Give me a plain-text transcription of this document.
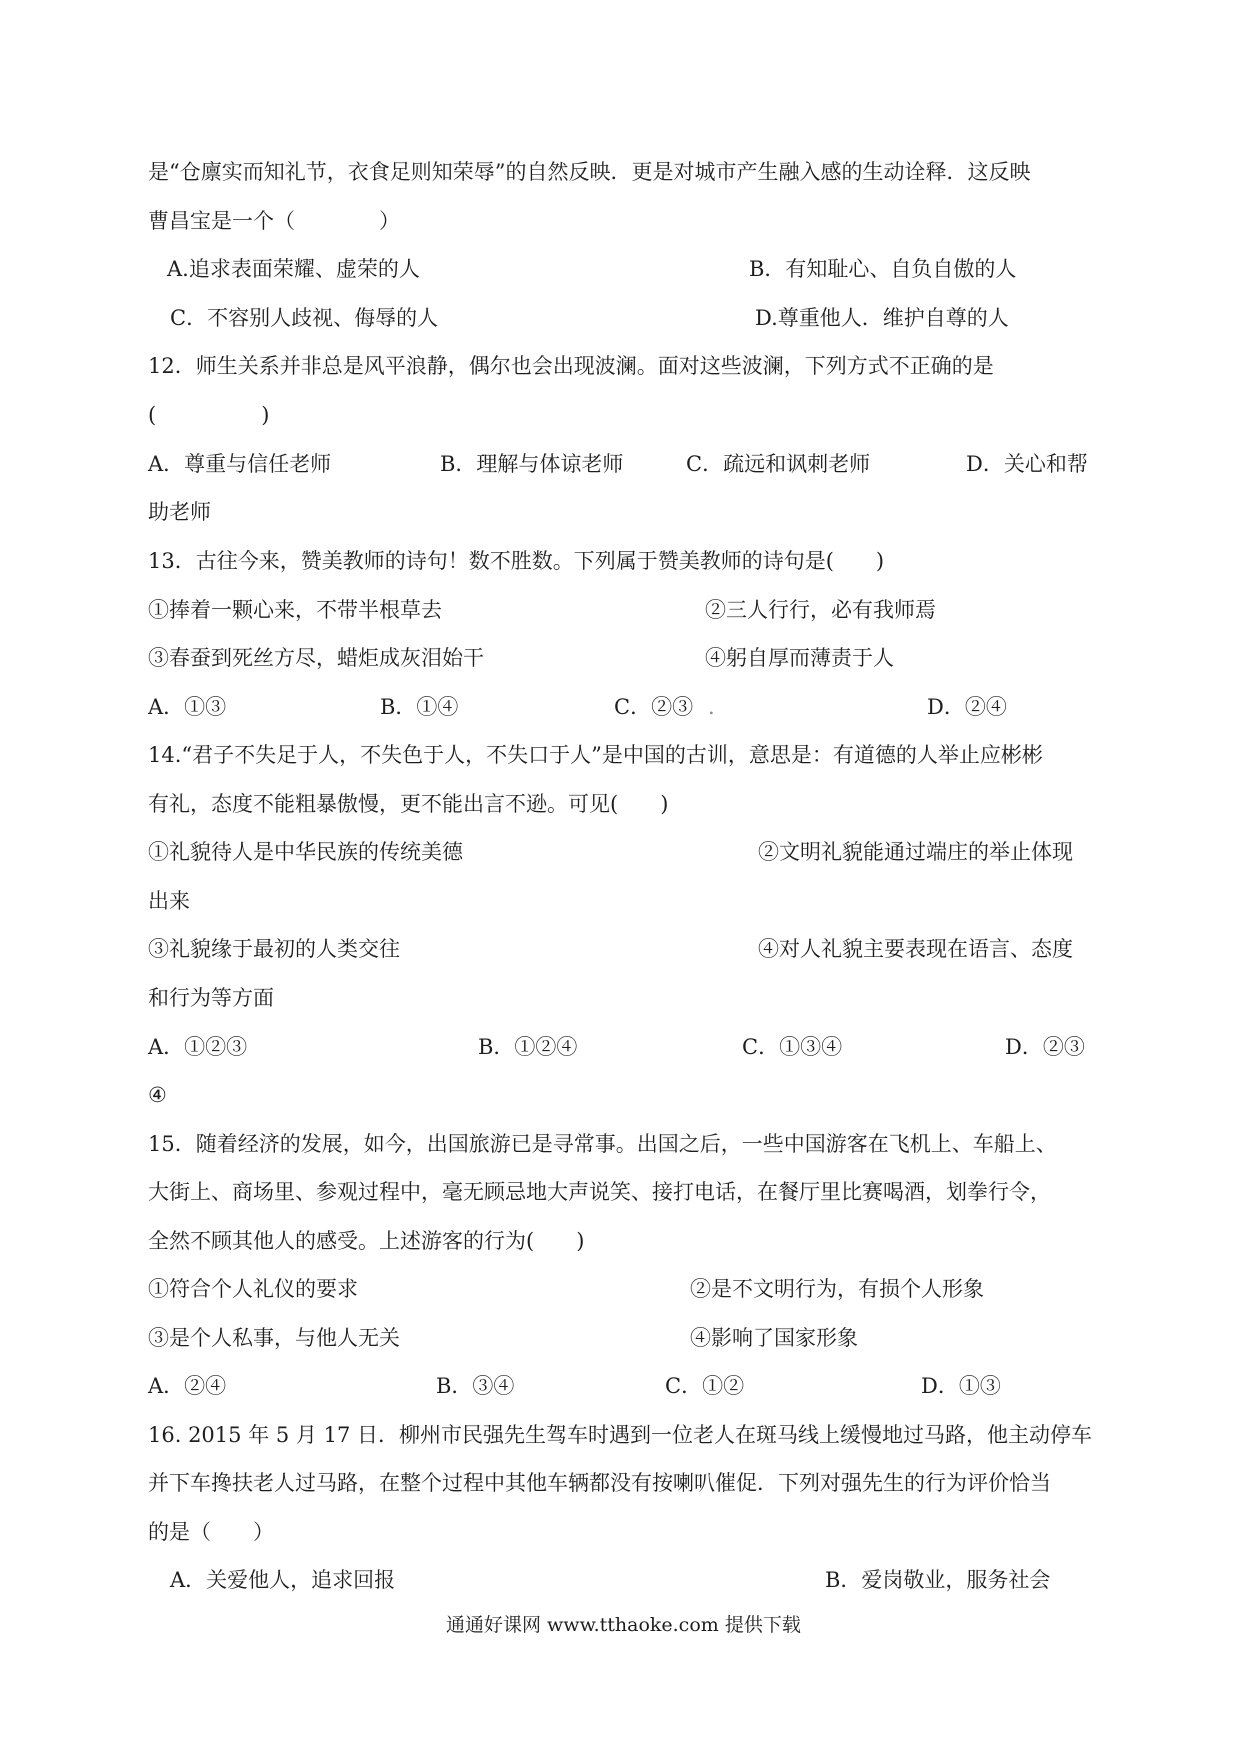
是“仓廪实而知礼节，衣食足则知荣辱”的自然反映．更是对城市产生融入感的生动诠释．这反映
曹昌宝是一个（　　　　）
A.追求表面荣耀、虚荣的人	B．有知耻心、自负自傲的人
C．不容别人歧视、侮辱的人	D.尊重他人．维护自尊的人
12．师生关系并非总是风平浪静，偶尔也会出现波澜。面对这些波澜，下列方式不正确的是
(　　　　　)
A．尊重与信任老师	B．理解与体谅老师	C．疏远和讽刺老师	D．关心和帮
助老师
13．古往今来，赞美教师的诗句！数不胜数。下列属于赞美教师的诗句是(　　)
①捧着一颗心来，不带半根草去	②三人行行，必有我师焉
③春蚕到死丝方尽，蜡炬成灰泪始干	④躬自厚而薄责于人
A．①③	B．①④	C．②③ .	D．②④
14.“君子不失足于人，不失色于人，不失口于人”是中国的古训，意思是：有道德的人举止应彬彬
有礼，态度不能粗暴傲慢，更不能出言不逊。可见(　　)
①礼貌待人是中华民族的传统美德	②文明礼貌能通过端庄的举止体现
出来
③礼貌缘于最初的人类交往	④对人礼貌主要表现在语言、态度
和行为等方面
A．①②③	B．①②④	C．①③④	D．②③
④
15．随着经济的发展，如今，出国旅游已是寻常事。出国之后，一些中国游客在飞机上、车船上、
大街上、商场里、参观过程中，毫无顾忌地大声说笑、接打电话，在餐厅里比赛喝酒，划拳行令，
全然不顾其他人的感受。上述游客的行为(　　)
①符合个人礼仪的要求	②是不文明行为，有损个人形象
③是个人私事，与他人无关	④影响了国家形象
A．②④	B．③④	C．①②	D．①③
16. 2015 年 5 月 17 日．柳州市民强先生驾车时遇到一位老人在斑马线上缓慢地过马路，他主动停车
并下车搀扶老人过马路，在整个过程中其他车辆都没有按喇叭催促．下列对强先生的行为评价恰当
的是（　　）
A．关爱他人，追求回报	B．爱岗敬业，服务社会
通通好课网 www.tthaoke.com 提供下载
